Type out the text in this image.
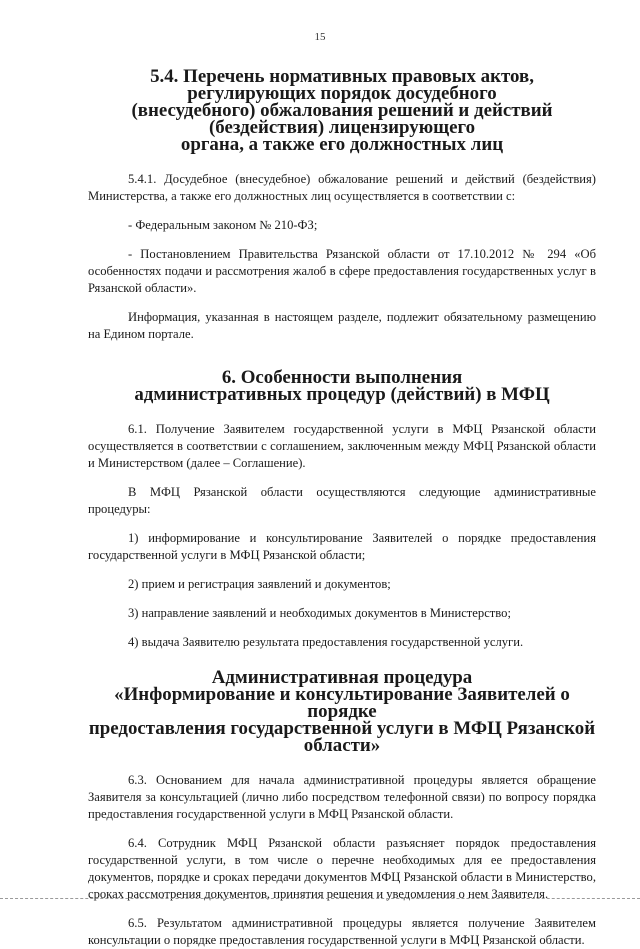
15
5.4. Перечень нормативных правовых актов, регулирующих порядок досудебного
(внесудебного) обжалования решений и действий (бездействия) лицензирующего
органа, а также его должностных лиц

5.4.1. Досудебное (внесудебное) обжалование решений и действий (бездействия) Министерства, а также его должностных лиц осуществляется в соответствии с:

- Федеральным законом № 210-ФЗ;

- Постановлением Правительства Рязанской области от 17.10.2012 № 294 «Об особенностях подачи и рассмотрения жалоб в сфере предоставления государственных услуг в Рязанской области».

Информация, указанная в настоящем разделе, подлежит обязательному размещению на Едином портале.

6. Особенности выполнения
административных процедур (действий) в МФЦ

6.1. Получение Заявителем государственной услуги в МФЦ Рязанской области осуществляется в соответствии с соглашением, заключенным между МФЦ Рязанской области и Министерством (далее – Соглашение).

В МФЦ Рязанской области осуществляются следующие административные процедуры:

1) информирование и консультирование Заявителей о порядке предоставления государственной услуги в МФЦ Рязанской области;

2) прием и регистрация заявлений и документов;

3) направление заявлений и необходимых документов в Министерство;

4) выдача Заявителю результата предоставления государственной услуги.

Административная процедура
«Информирование и консультирование Заявителей о порядке
предоставления государственной услуги в МФЦ Рязанской области»

6.3. Основанием для начала административной процедуры является обращение Заявителя за консультацией (лично либо посредством телефонной связи) по вопросу порядка предоставления государственной услуги в МФЦ Рязанской области.

6.4. Сотрудник МФЦ Рязанской области разъясняет порядок предоставления государственной услуги, в том числе о перечне необходимых для ее предоставления документов, порядке и сроках передачи документов МФЦ Рязанской области в Министерство, сроках рассмотрения документов, принятия решения и уведомления о нем Заявителя.

6.5. Результатом административной процедуры является получение Заявителем консультации о порядке предоставления государственной услуги в МФЦ Рязанской области.
